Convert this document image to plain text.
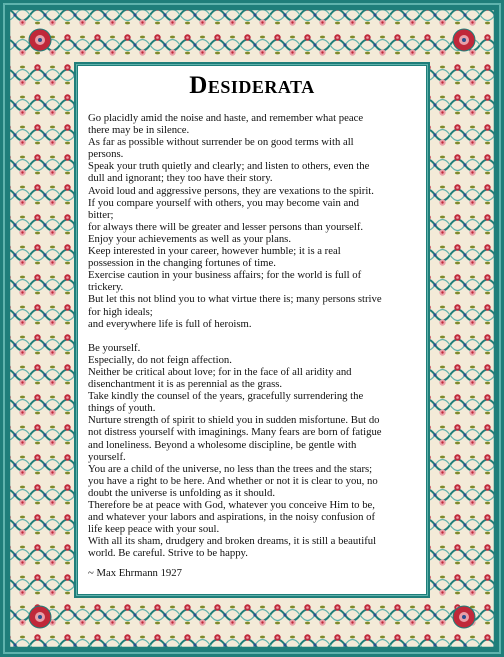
Desiderata
Go placidly amid the noise and haste, and remember what peace
there may be in silence.
As far as possible without surrender be on good terms with all
persons.
Speak your truth quietly and clearly; and listen to others, even the
dull and ignorant; they too have their story.
Avoid loud and aggressive persons, they are vexations to the spirit.
If you compare yourself with others, you may become vain and
bitter;
for always there will be greater and lesser persons than yourself.
Enjoy your achievements as well as your plans.
Keep interested in your career, however humble; it is a real
possession in the changing fortunes of time.
Exercise caution in your business affairs; for the world is full of
trickery.
But let this not blind you to what virtue there is; many persons strive
for high ideals;
and everywhere life is full of heroism.
Be yourself.
Especially, do not feign affection.
Neither be critical about love; for in the face of all aridity and
disenchantment it is as perennial as the grass.
Take kindly the counsel of the years, gracefully surrendering the
things of youth.
Nurture strength of spirit to shield you in sudden misfortune. But do
not distress yourself with imaginings. Many fears are born of fatigue
and loneliness. Beyond a wholesome discipline, be gentle with
yourself.
You are a child of the universe, no less than the trees and the stars;
you have a right to be here. And whether or not it is clear to you, no
doubt the universe is unfolding as it should.
Therefore be at peace with God, whatever you conceive Him to be,
and whatever your labors and aspirations, in the noisy confusion of
life keep peace with your soul.
With all its sham, drudgery and broken dreams, it is still a beautiful
world. Be careful. Strive to be happy.
~ Max Ehrmann 1927
